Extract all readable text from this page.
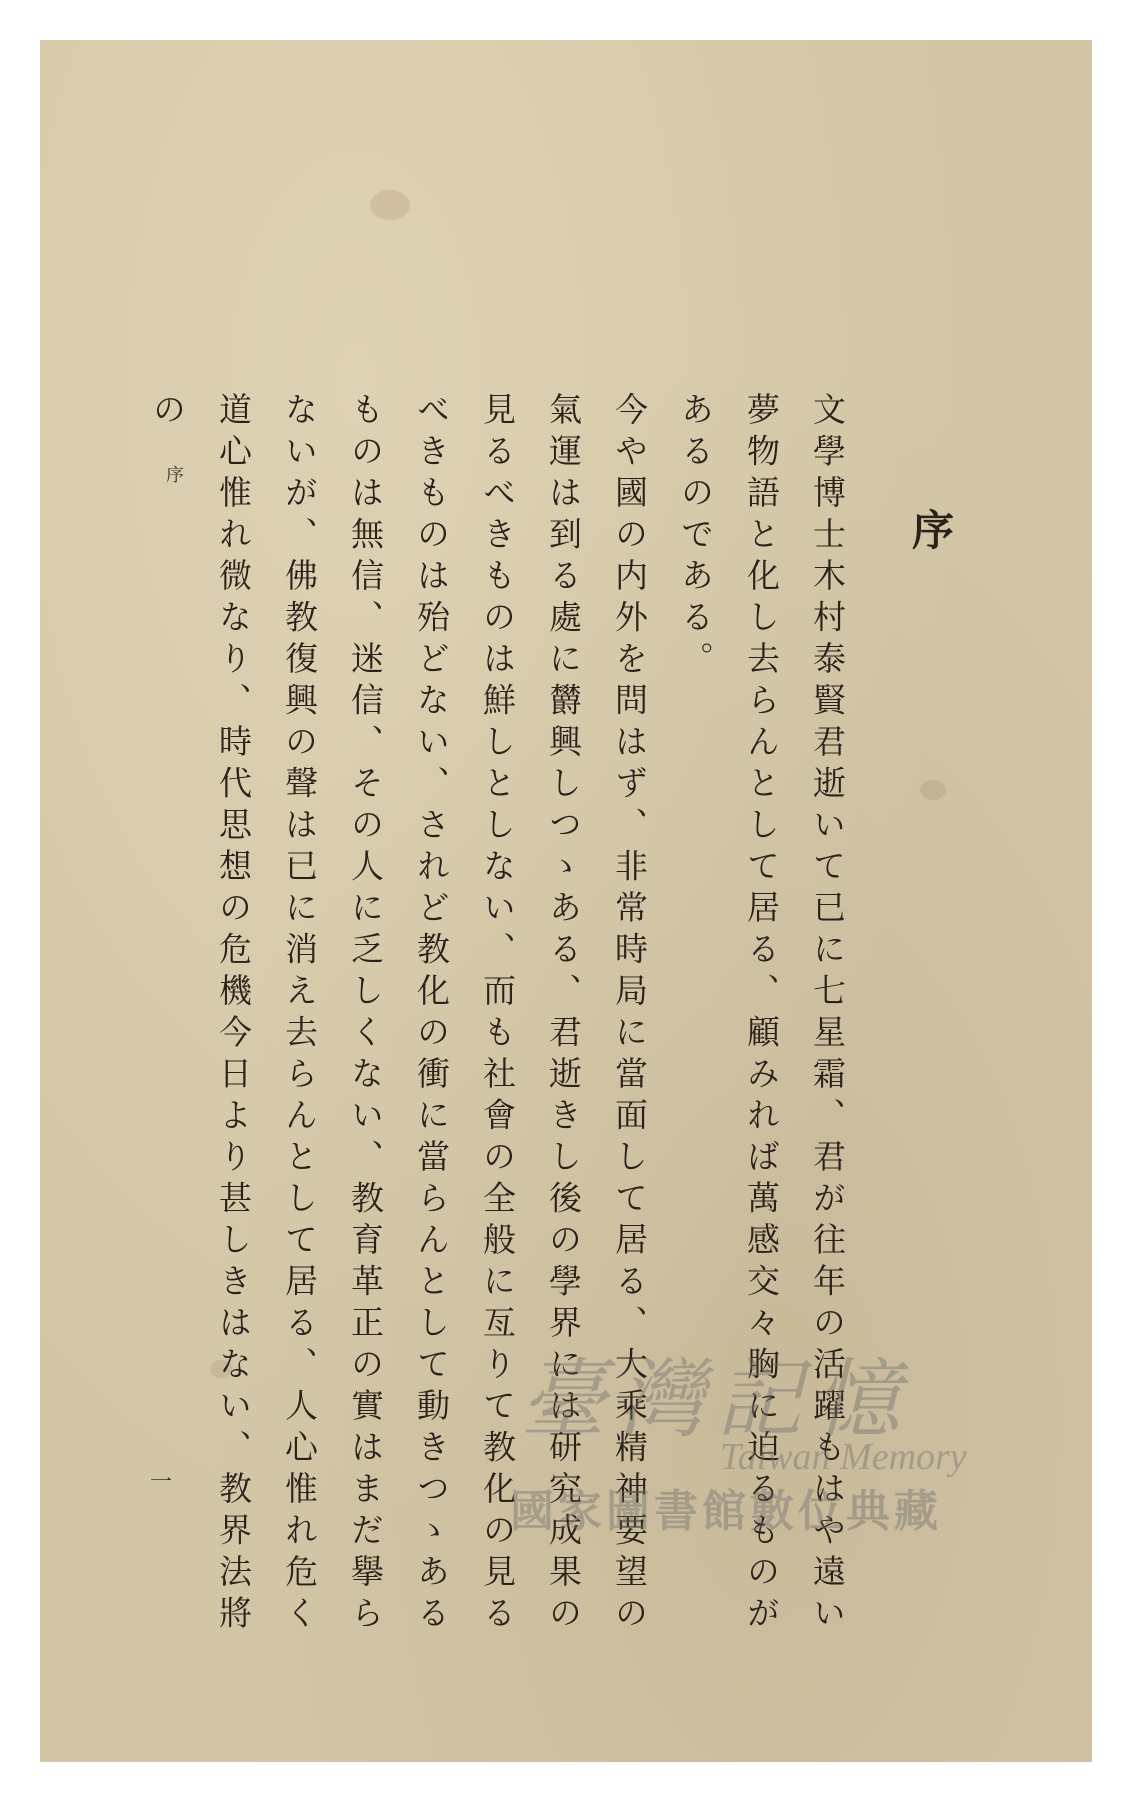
序
文學博士木村泰賢君逝いて已に七星霜、君が往年の活躍もはや遠い夢物語と化し去らんとして居る、顧みれば萬感交々胸に迫るものがあるのである。
今や國の内外を問はず、非常時局に當面して居る、大乘精神要望の氣運は到る處に欝興しつゝある、君逝きし後の學界には研究成果の見るべきものは鮮しとしない、而も社會の全般に亙りて教化の見るべきものは殆どない、されど教化の衝に當らんとして動きつゝあるものは無信、迷信、その人に乏しくない、教育革正の實はまだ擧らないが、佛教復興の聲は已に消え去らんとして居る、人心惟れ危く道心惟れ微なり、時代思想の危機今日より甚しきはない、教界法將の
序
一
臺灣記憶
Taiwan Memory
國家圖書館數位典藏
